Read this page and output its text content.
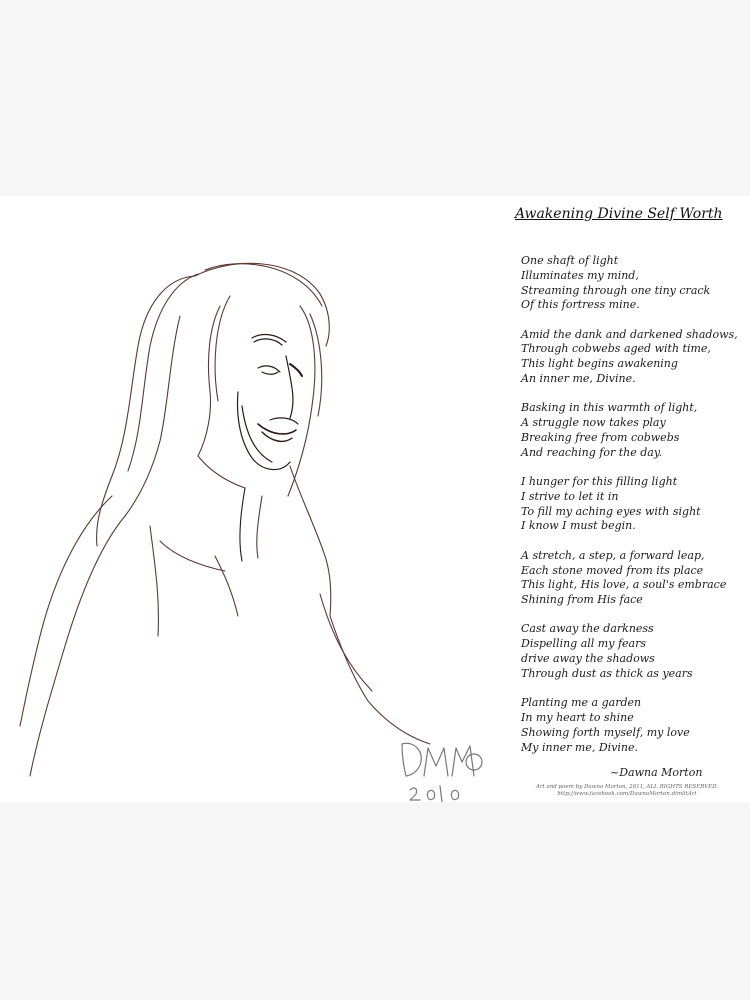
Awakening Divine Self Worth
One shaft of light
Illuminates my mind,
Streaming through one tiny crack
Of this fortress mine.
Amid the dank and darkened shadows,
Through cobwebs aged with time,
This light begins awakening
An inner me, Divine.
Basking in this warmth of light,
A struggle now takes play
Breaking free from cobwebs
And reaching for the day.
I hunger for this filling light
I strive to let it in
To fill my aching eyes with sight
I know I must begin.
A stretch, a step, a forward leap,
Each stone moved from its place
This light, His love, a soul's embrace
Shining from His face
Cast away the darkness
Dispelling all my fears
drive away the shadows
Through dust as thick as years
Planting me a garden
In my heart to shine
Showing forth myself, my love
My inner me, Divine.
~Dawna Morton
Art and poem by Dawna Morton, 2011, ALL RIGHTS RESERVED.
http://www.facebook.com/DawnaMorton.dimlitArt
